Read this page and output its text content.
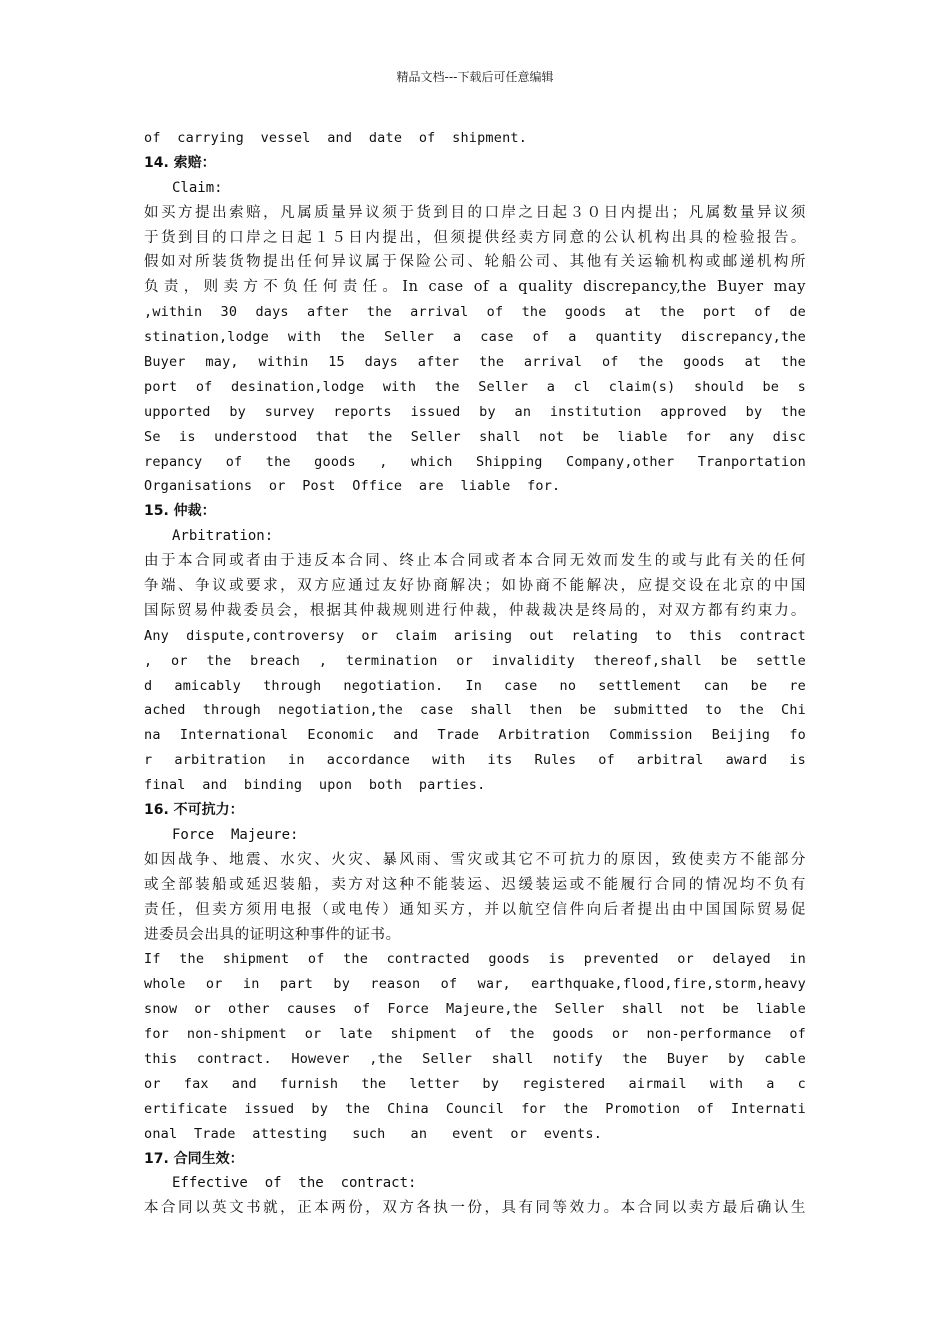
精品文档---下载后可任意编辑
of  carrying  vessel  and  date  of  shipment.
14. 索赔：
Claim:
如买方提出索赔，凡属质量异议须于货到目的口岸之日起３０日内提出；凡属数量异议须
于货到目的口岸之日起１５日内提出，但须提供经卖方同意的公认机构出具的检验报告。
假如对所装货物提出任何异议属于保险公司、轮船公司、其他有关运输机构或邮递机构所
负责，则卖方不负任何责任。In case of a quality discrepancy,the Buyer may
,within 30 days after the arrival of the goods at the port of de
stination,lodge with the Seller a case of a quantity discrepancy,the
Buyer may, within 15 days after the arrival of the goods at the
port of desination,lodge with the Seller a cl claim(s) should be s
upported by survey reports issued by an institution approved by the
Se is understood that the Seller shall not be liable for any disc
repancy of the goods , which Shipping Company,other Tranportation
Organisations  or  Post  Office  are  liable  for.
15. 仲裁：
Arbitration:
由于本合同或者由于违反本合同、终止本合同或者本合同无效而发生的或与此有关的任何
争端、争议或要求，双方应通过友好协商解决；如协商不能解决，应提交设在北京的中国
国际贸易仲裁委员会，根据其仲裁规则进行仲裁，仲裁裁决是终局的，对双方都有约束力。
Any dispute,controversy or claim arising out relating to this contract
, or the breach , termination or invalidity thereof,shall be settle
d amicably through negotiation. In case no settlement can be re
ached through negotiation,the case shall then be submitted to the Chi
na International Economic and Trade Arbitration Commission Beijing fo
r arbitration in accordance with its Rules of arbitral award is
final  and  binding  upon  both  parties.
16. 不可抗力：
Force  Majeure:
如因战争、地震、水灾、火灾、暴风雨、雪灾或其它不可抗力的原因，致使卖方不能部分
或全部装船或延迟装船，卖方对这种不能装运、迟缓装运或不能履行合同的情况均不负有
责任，但卖方须用电报（或电传）通知买方，并以航空信件向后者提出由中国国际贸易促
进委员会出具的证明这种事件的证书。
If the shipment of the contracted goods is prevented or delayed in
whole or in part by reason of war, earthquake,flood,fire,storm,heavy
snow or other causes of Force Majeure,the Seller shall not be liable
for non-shipment or late shipment of the goods or non-performance of
this contract. However ,the Seller shall notify the Buyer by cable
or fax and furnish the letter by registered airmail with a c
ertificate issued by the China Council for the Promotion of Internati
onal  Trade  attesting   such   an   event  or  events.
17. 合同生效：
Effective  of  the  contract:
本合同以英文书就，正本两份，双方各执一份，具有同等效力。本合同以卖方最后确认生
